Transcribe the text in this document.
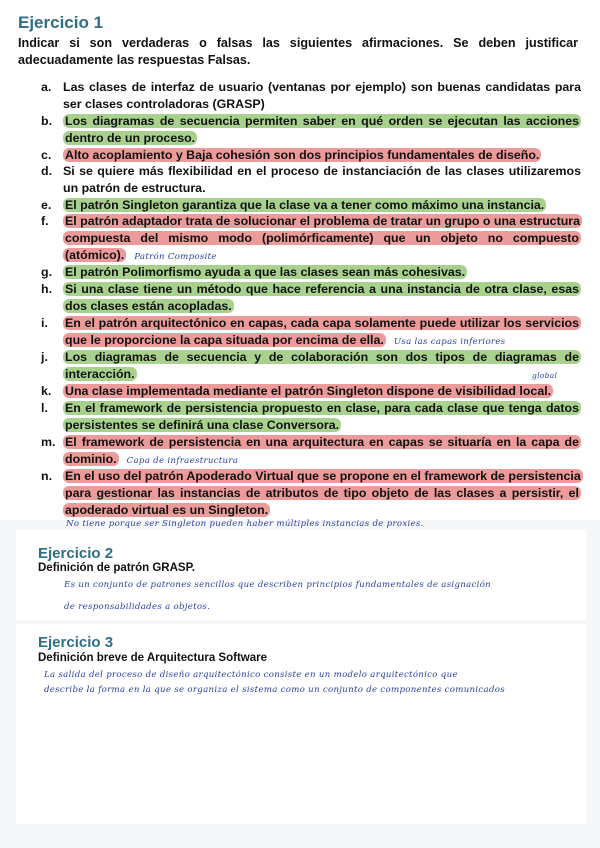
Ejercicio 1
Indicar si son verdaderas o falsas las siguientes afirmaciones. Se deben justificar adecuadamente las respuestas Falsas.
a. Las clases de interfaz de usuario (ventanas por ejemplo) son buenas candidatas para ser clases controladoras (GRASP)
b.	Los diagramas de secuencia permiten saber en qué orden se ejecutan las acciones dentro de un proceso.
c.	Alto acoplamiento y Baja cohesión son dos principios fundamentales de diseño.
d. Si se quiere más flexibilidad en el proceso de instanciación de las clases utilizaremos un patrón de estructura.
e.	El patrón Singleton garantiza que la clase va a tener como máximo una instancia.
f.	El patrón adaptador trata de solucionar el problema de tratar un grupo o una estructura compuesta del mismo modo (polimórficamente) que un objeto no compuesto (atómico). Patrón Composite
g.	El patrón Polimorfismo ayuda a que las clases sean más cohesivas.
h.	Si una clase tiene un método que hace referencia a una instancia de otra clase, esas dos clases están acopladas.
i.	En el patrón arquitectónico en capas, cada capa solamente puede utilizar los servicios que le proporcione la capa situada por encima de ella. Usa las capas inferiores
j.	Los diagramas de secuencia y de colaboración son dos tipos de diagramas de interacción.
k.	Una clase implementada mediante el patrón Singleton dispone de visibilidad local.
l.	En el framework de persistencia propuesto en clase, para cada clase que tenga datos persistentes se definirá una clase Conversora.
m. El framework de persistencia en una arquitectura en capas se situaría en la capa de dominio. Capa de infraestructura
n.	En el uso del patrón Apoderado Virtual que se propone en el framework de persistencia para gestionar las instancias de atributos de tipo objeto de las clases a persistir, el apoderado virtual es un Singleton.
global
No tiene porque ser Singleton pueden haber múltiples instancias de proxies.
Ejercicio 2
Definición de patrón GRASP.
Es un conjunto de patrones sencillos que describen principios fundamentales de asignación
de responsabilidades a objetos.
Ejercicio 3
Definición breve de Arquitectura Software
La salida del proceso de diseño arquitectónico consiste en un modelo arquitectónico que
describe la forma en la que se organiza el sistema como un conjunto de componentes comunicados
